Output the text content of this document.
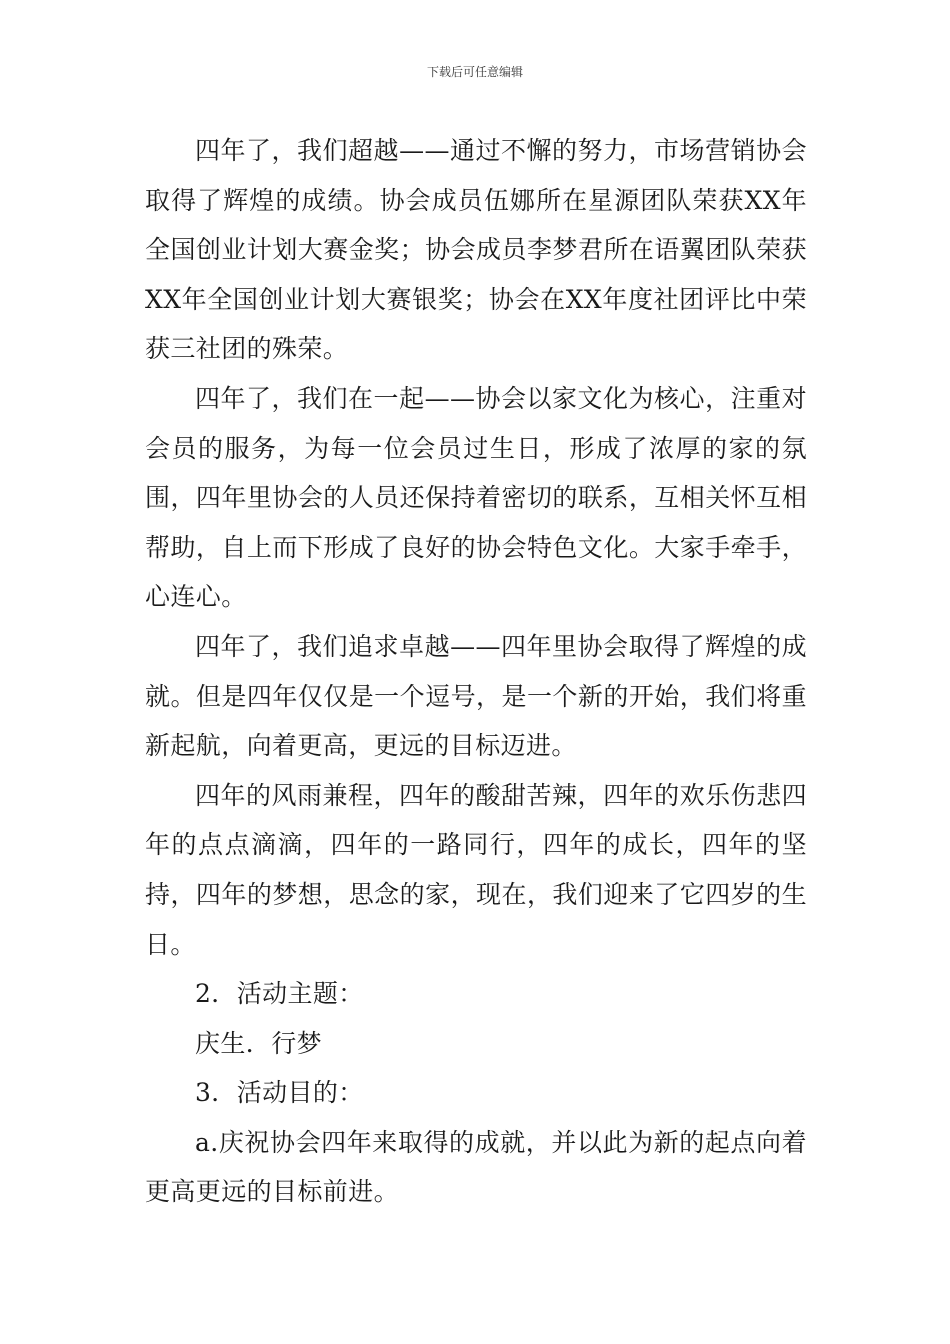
下载后可任意编辑

四年了，我们超越——通过不懈的努力，市场营销协会取得了辉煌的成绩。协会成员伍娜所在星源团队荣获XX年全国创业计划大赛金奖；协会成员李梦君所在语翼团队荣获XX年全国创业计划大赛银奖；协会在XX年度社团评比中荣获三社团的殊荣。

四年了，我们在一起——协会以家文化为核心，注重对会员的服务，为每一位会员过生日，形成了浓厚的家的氛围，四年里协会的人员还保持着密切的联系，互相关怀互相帮助，自上而下形成了良好的协会特色文化。大家手牵手，心连心。

四年了，我们追求卓越——四年里协会取得了辉煌的成就。但是四年仅仅是一个逗号，是一个新的开始，我们将重新起航，向着更高，更远的目标迈进。

四年的风雨兼程，四年的酸甜苦辣，四年的欢乐伤悲四年的点点滴滴，四年的一路同行，四年的成长，四年的坚持，四年的梦想，思念的家，现在，我们迎来了它四岁的生日。

2．活动主题：

庆生．行梦

3．活动目的：

a.庆祝协会四年来取得的成就，并以此为新的起点向着更高更远的目标前进。
